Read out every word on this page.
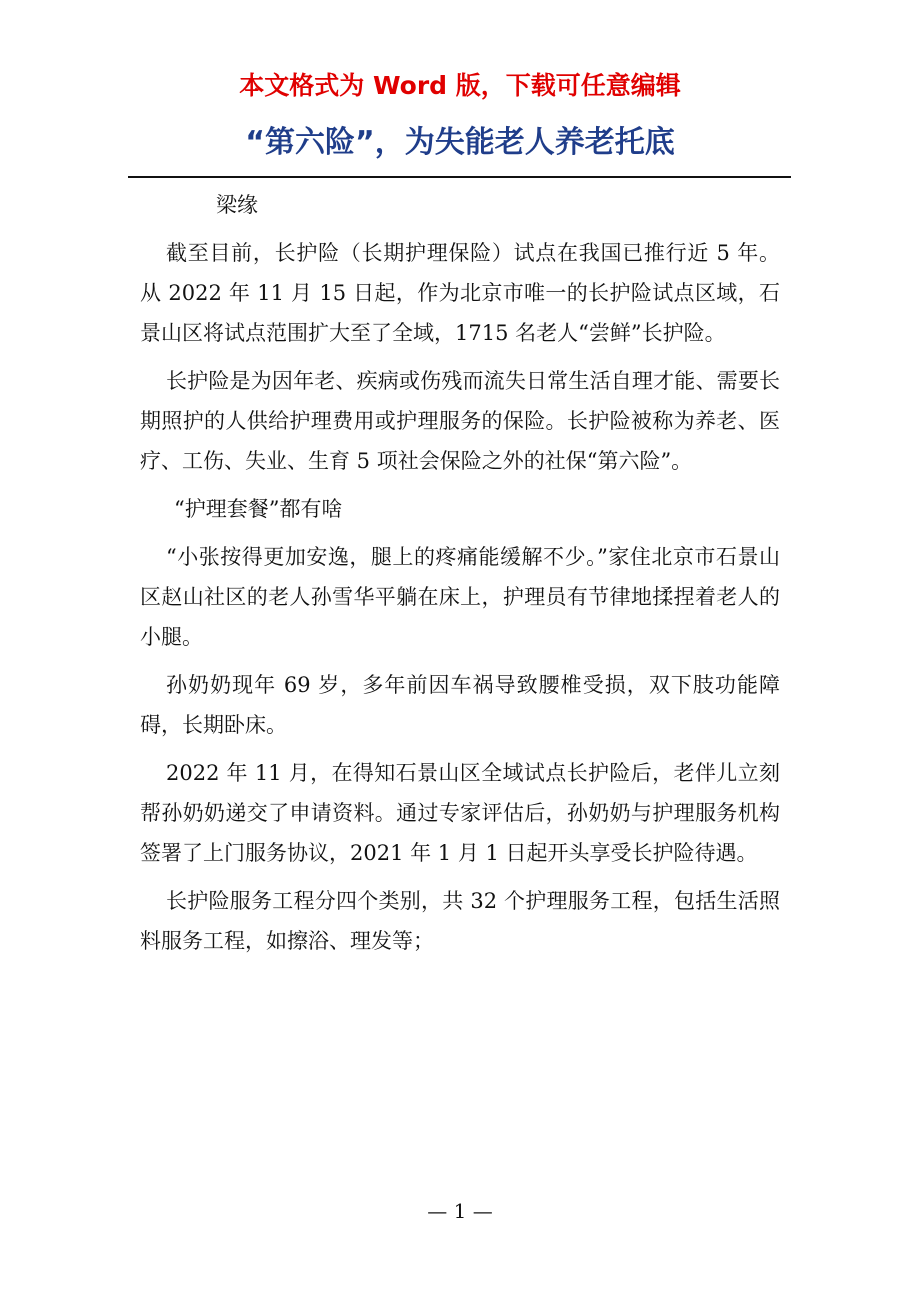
本文格式为 Word 版，下载可任意编辑
“第六险”，为失能老人养老托底

梁缘

截至目前，长护险（长期护理保险）试点在我国已推行近 5 年。从 2022 年 11 月 15 日起，作为北京市唯一的长护险试点区域，石景山区将试点范围扩大至了全域，1715 名老人“尝鲜”长护险。

长护险是为因年老、疾病或伤残而流失日常生活自理才能、需要长期照护的人供给护理费用或护理服务的保险。长护险被称为养老、医疗、工伤、失业、生育 5 项社会保险之外的社保“第六险”。

“护理套餐”都有啥

“小张按得更加安逸，腿上的疼痛能缓解不少。”家住北京市石景山区赵山社区的老人孙雪华平躺在床上，护理员有节律地揉捏着老人的小腿。

孙奶奶现年 69 岁，多年前因车祸导致腰椎受损，双下肢功能障碍，长期卧床。

2022 年 11 月，在得知石景山区全域试点长护险后，老伴儿立刻帮孙奶奶递交了申请资料。通过专家评估后，孙奶奶与护理服务机构签署了上门服务协议，2021 年 1 月 1 日起开头享受长护险待遇。

长护险服务工程分四个类别，共 32 个护理服务工程，包括生活照料服务工程，如擦浴、理发等；

— 1 —
